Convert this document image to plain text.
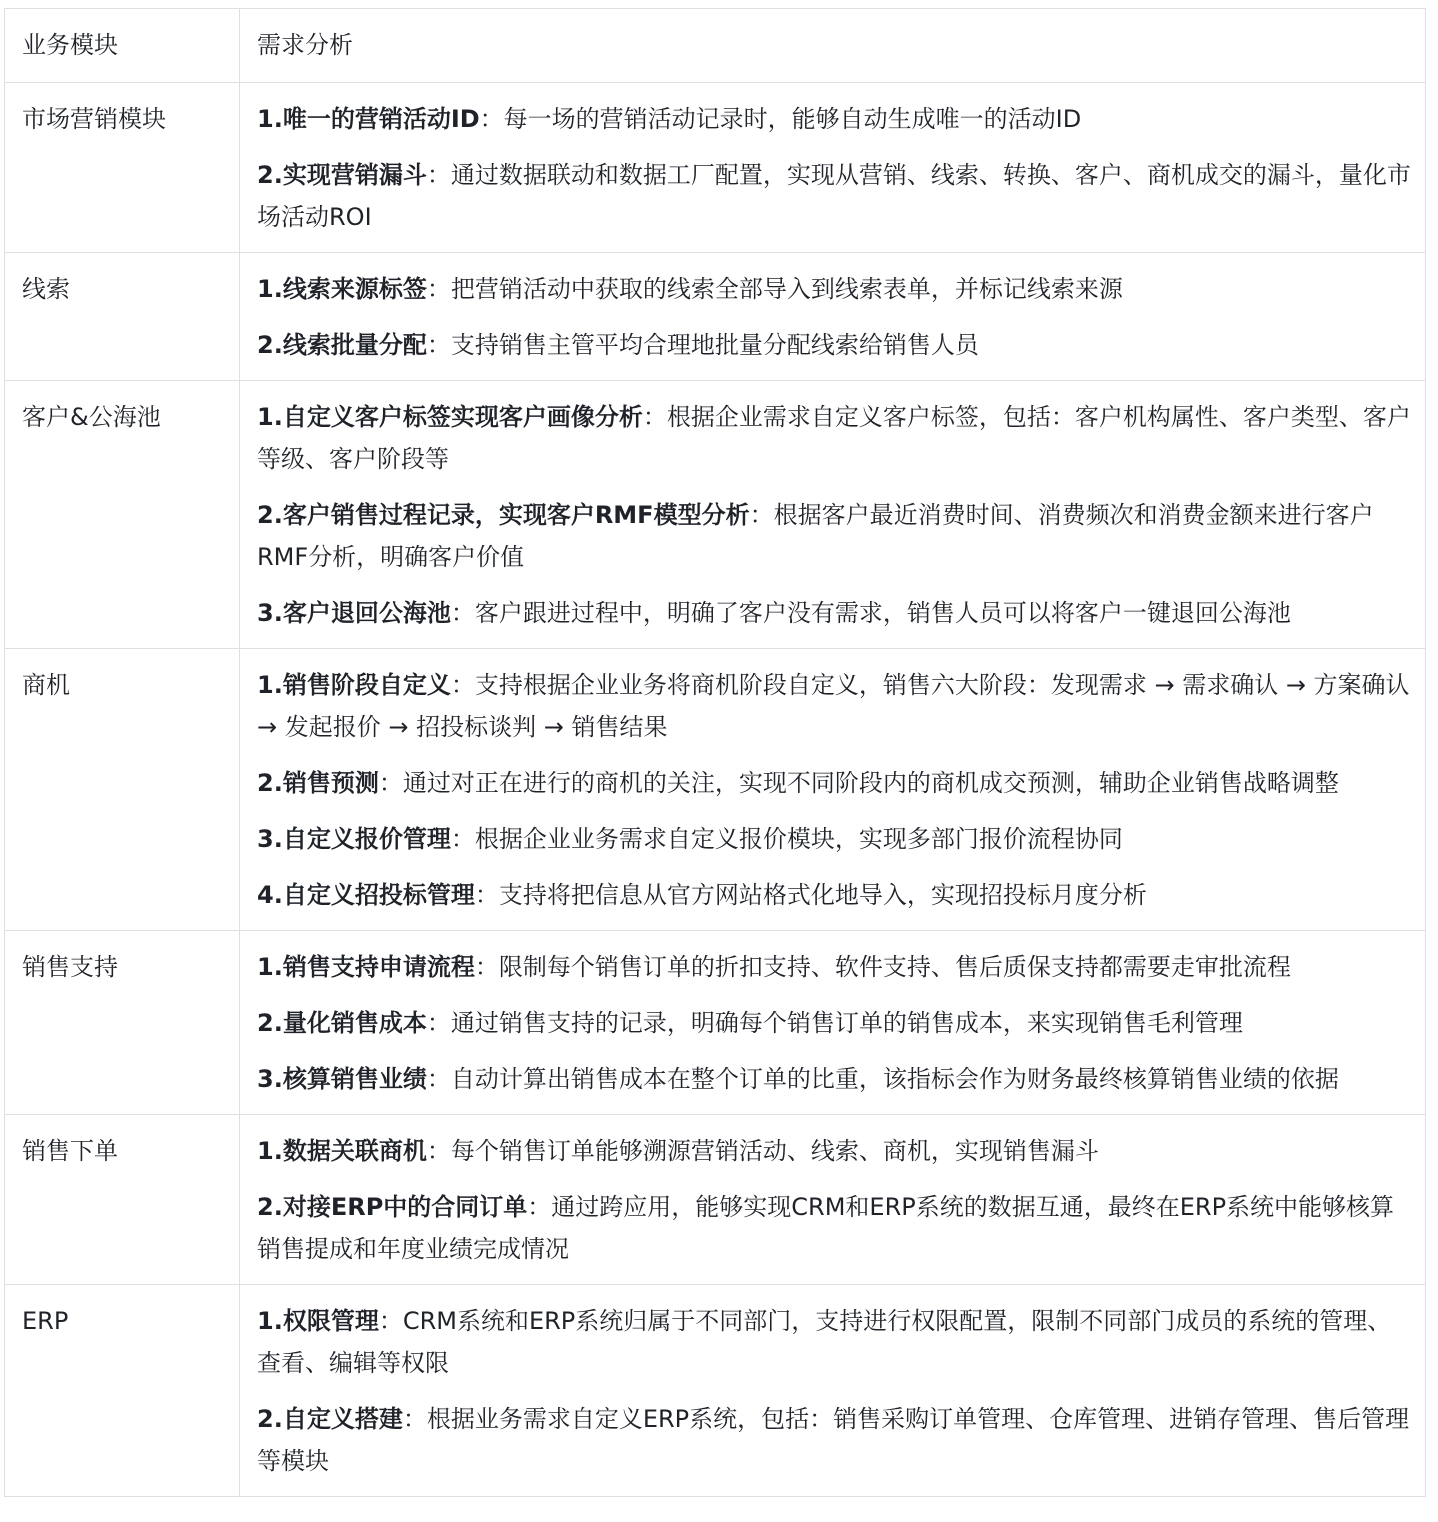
业务模块	需求分析
市场营销模块	1.唯一的营销活动ID：每一场的营销活动记录时，能够自动生成唯一的活动ID

2.实现营销漏斗：通过数据联动和数据工厂配置，实现从营销、线索、转换、客户、商机成交的漏斗，量化市场活动ROI

线索	1.线索来源标签：把营销活动中获取的线索全部导入到线索表单，并标记线索来源

2.线索批量分配：支持销售主管平均合理地批量分配线索给销售人员

客户&公海池	1.自定义客户标签实现客户画像分析：根据企业需求自定义客户标签，包括：客户机构属性、客户类型、客户等级、客户阶段等

2.客户销售过程记录，实现客户RMF模型分析：根据客户最近消费时间、消费频次和消费金额来进行客户RMF分析，明确客户价值

3.客户退回公海池：客户跟进过程中，明确了客户没有需求，销售人员可以将客户一键退回公海池

商机	1.销售阶段自定义：支持根据企业业务将商机阶段自定义，销售六大阶段：发现需求 → 需求确认 → 方案确认 → 发起报价 → 招投标谈判 → 销售结果

2.销售预测：通过对正在进行的商机的关注，实现不同阶段内的商机成交预测，辅助企业销售战略调整

3.自定义报价管理：根据企业业务需求自定义报价模块，实现多部门报价流程协同

4.自定义招投标管理：支持将把信息从官方网站格式化地导入，实现招投标月度分析

销售支持	1.销售支持申请流程：限制每个销售订单的折扣支持、软件支持、售后质保支持都需要走审批流程

2.量化销售成本：通过销售支持的记录，明确每个销售订单的销售成本，来实现销售毛利管理

3.核算销售业绩：自动计算出销售成本在整个订单的比重，该指标会作为财务最终核算销售业绩的依据

销售下单	1.数据关联商机：每个销售订单能够溯源营销活动、线索、商机，实现销售漏斗

2.对接ERP中的合同订单：通过跨应用，能够实现CRM和ERP系统的数据互通，最终在ERP系统中能够核算销售提成和年度业绩完成情况

ERP	1.权限管理：CRM系统和ERP系统归属于不同部门，支持进行权限配置，限制不同部门成员的系统的管理、查看、编辑等权限

2.自定义搭建：根据业务需求自定义ERP系统，包括：销售采购订单管理、仓库管理、进销存管理、售后管理等模块
